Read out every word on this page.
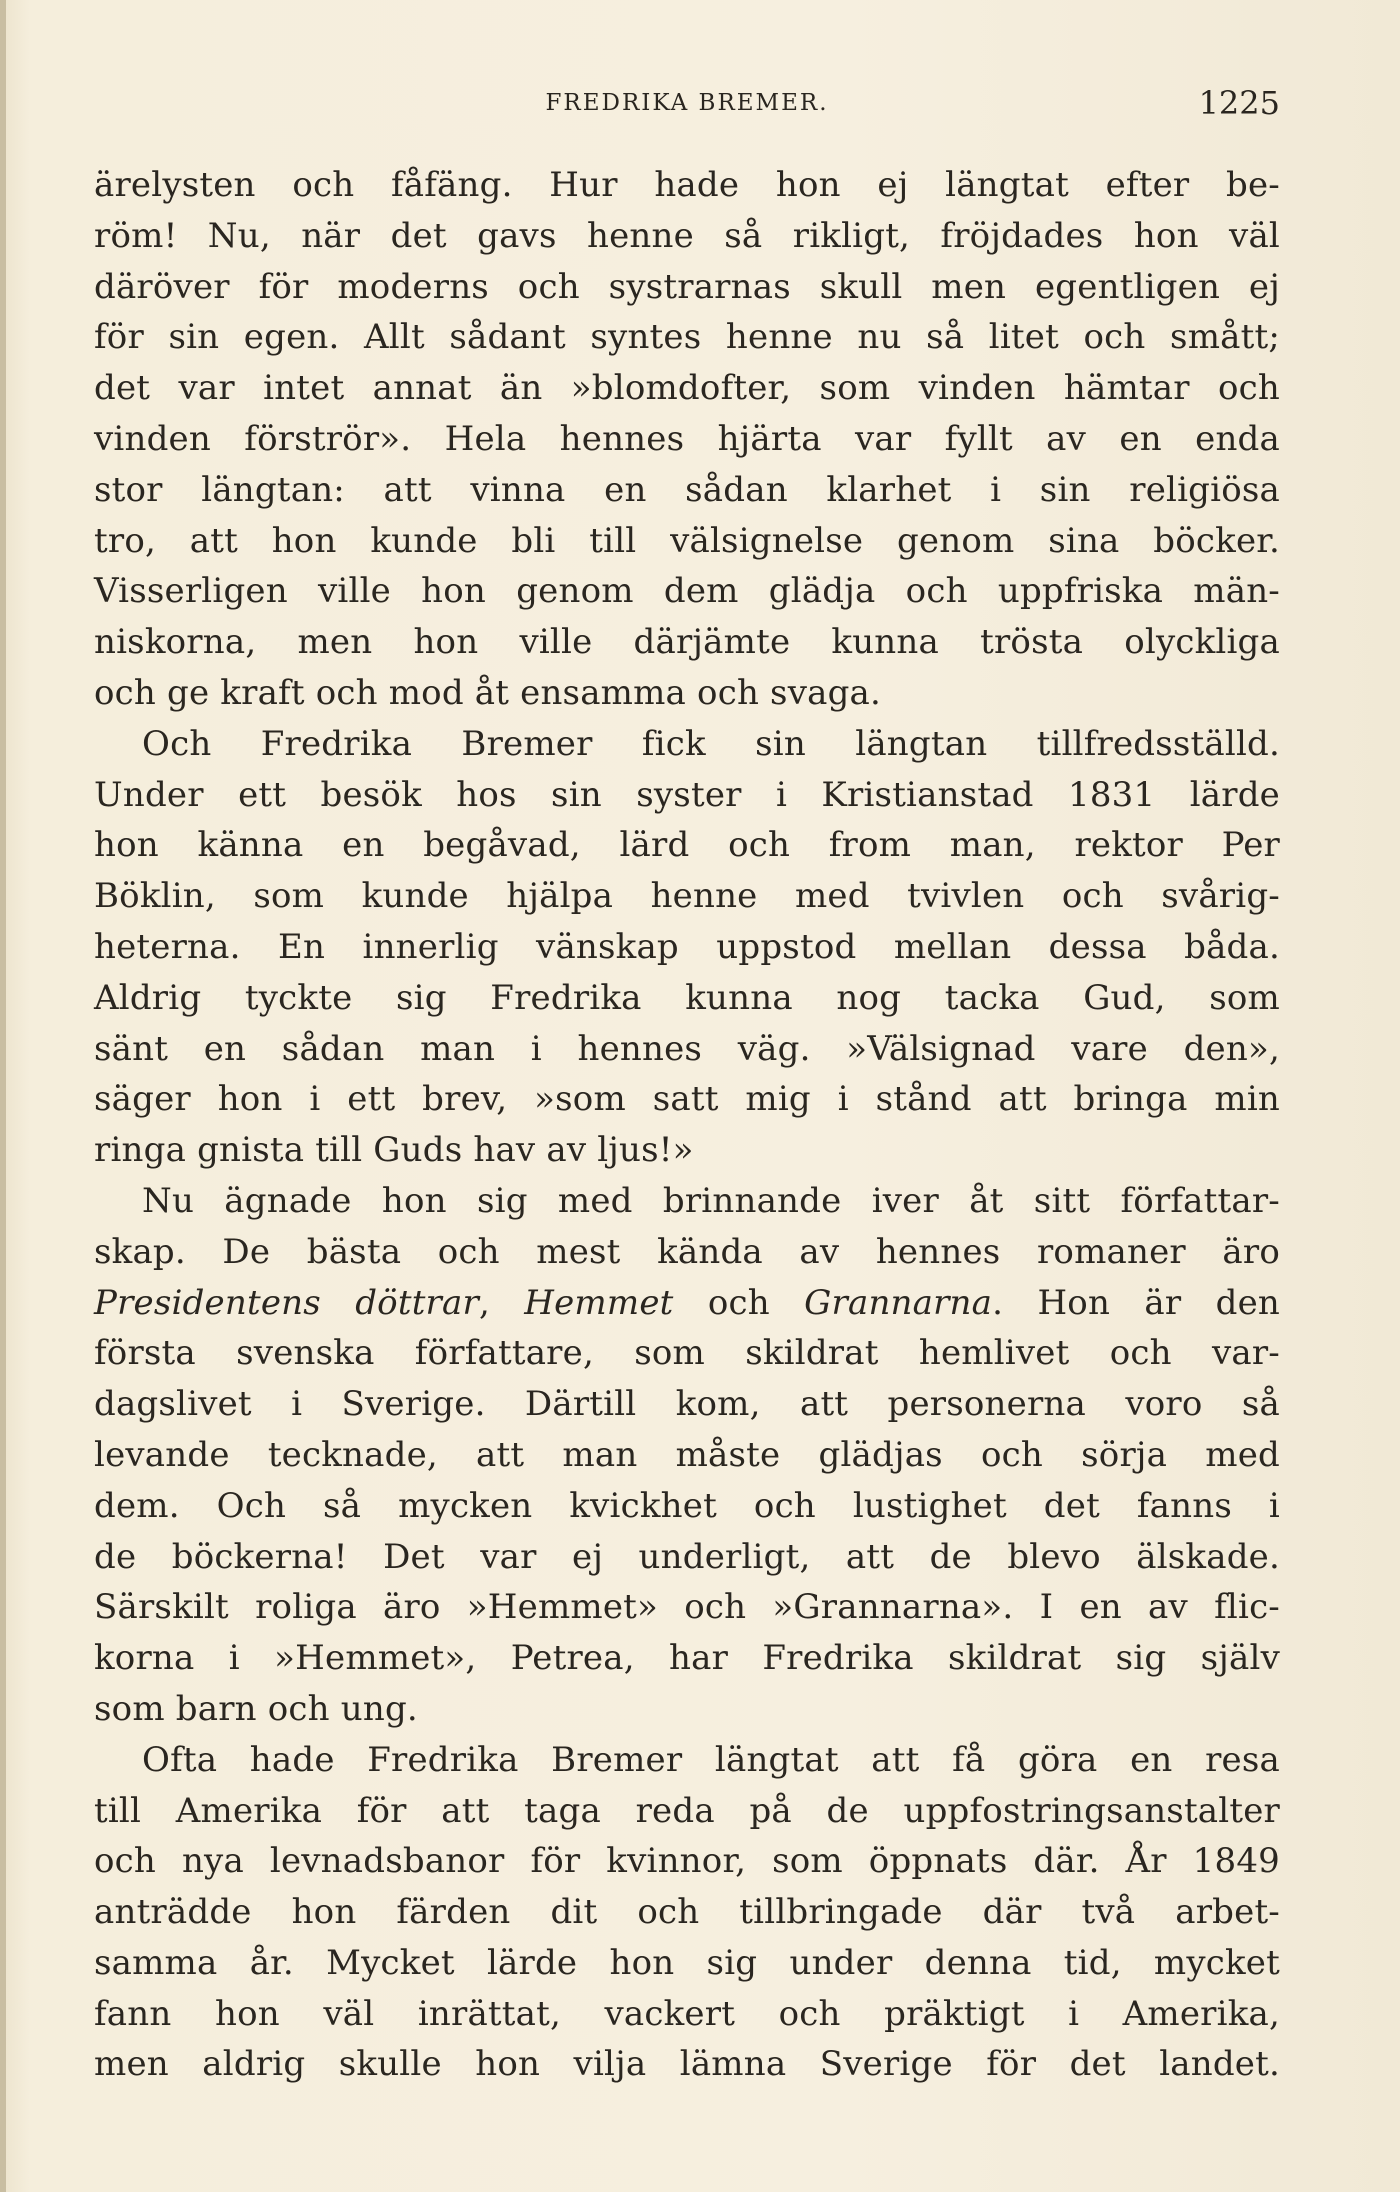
FREDRIKA BREMER.	1225
ärelysten och fåfäng. Hur hade hon ej längtat efter be-
röm! Nu, när det gavs henne så rikligt, fröjdades hon väl
däröver för moderns och systrarnas skull men egentligen ej
för sin egen. Allt sådant syntes henne nu så litet och smått;
det var intet annat än »blomdofter, som vinden hämtar och
vinden förströr». Hela hennes hjärta var fyllt av en enda
stor längtan: att vinna en sådan klarhet i sin religiösa
tro, att hon kunde bli till välsignelse genom sina böcker.
Visserligen ville hon genom dem glädja och uppfriska män-
niskorna, men hon ville därjämte kunna trösta olyckliga
och ge kraft och mod åt ensamma och svaga.
Och Fredrika Bremer fick sin längtan tillfredsställd.
Under ett besök hos sin syster i Kristianstad 1831 lärde
hon känna en begåvad, lärd och from man, rektor Per
Böklin, som kunde hjälpa henne med tvivlen och svårig-
heterna. En innerlig vänskap uppstod mellan dessa båda.
Aldrig tyckte sig Fredrika kunna nog tacka Gud, som
sänt en sådan man i hennes väg. »Välsignad vare den»,
säger hon i ett brev, »som satt mig i stånd att bringa min
ringa gnista till Guds hav av ljus!»
Nu ägnade hon sig med brinnande iver åt sitt författar-
skap. De bästa och mest kända av hennes romaner äro
Presidentens döttrar, Hemmet och Grannarna. Hon är den
första svenska författare, som skildrat hemlivet och var-
dagslivet i Sverige. Därtill kom, att personerna voro så
levande tecknade, att man måste glädjas och sörja med
dem. Och så mycken kvickhet och lustighet det fanns i
de böckerna! Det var ej underligt, att de blevo älskade.
Särskilt roliga äro »Hemmet» och »Grannarna». I en av flic-
korna i »Hemmet», Petrea, har Fredrika skildrat sig själv
som barn och ung.
Ofta hade Fredrika Bremer längtat att få göra en resa
till Amerika för att taga reda på de uppfostringsanstalter
och nya levnadsbanor för kvinnor, som öppnats där. År 1849
anträdde hon färden dit och tillbringade där två arbet-
samma år. Mycket lärde hon sig under denna tid, mycket
fann hon väl inrättat, vackert och präktigt i Amerika,
men aldrig skulle hon vilja lämna Sverige för det landet.
